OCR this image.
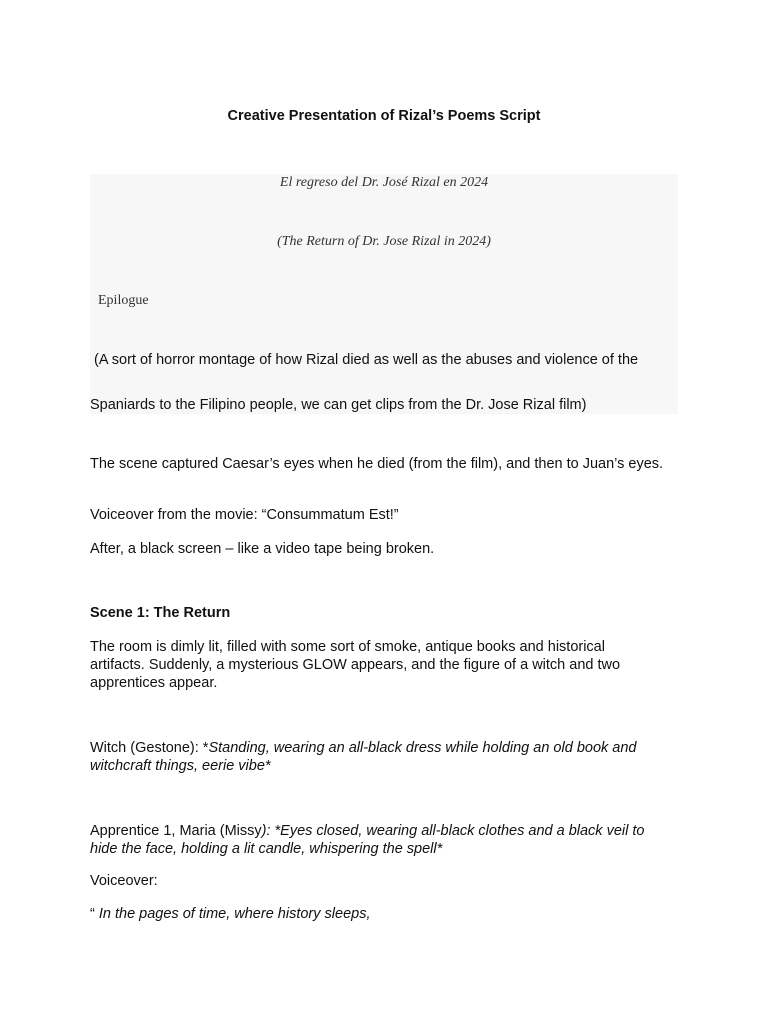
Creative Presentation of Rizal’s Poems Script
El regreso del Dr. José Rizal en 2024
(The Return of Dr. Jose Rizal in 2024)
Epilogue
(A sort of horror montage of how Rizal died as well as the abuses and violence of the
Spaniards to the Filipino people, we can get clips from the Dr. Jose Rizal film)
The scene captured Caesar’s eyes when he died (from the film), and then to Juan’s eyes.
Voiceover from the movie: “Consummatum Est!”
After, a black screen – like a video tape being broken.
Scene 1: The Return
The room is dimly lit, filled with some sort of smoke, antique books and historical artifacts. Suddenly, a mysterious GLOW appears, and the figure of a witch and two apprentices appear.
Witch (Gestone): *Standing, wearing an all-black dress while holding an old book and witchcraft things, eerie vibe*
Apprentice 1, Maria (Missy): *Eyes closed, wearing all-black clothes and a black veil to hide the face, holding a lit candle, whispering the spell*
Voiceover:
“ In the pages of time, where history sleeps,
